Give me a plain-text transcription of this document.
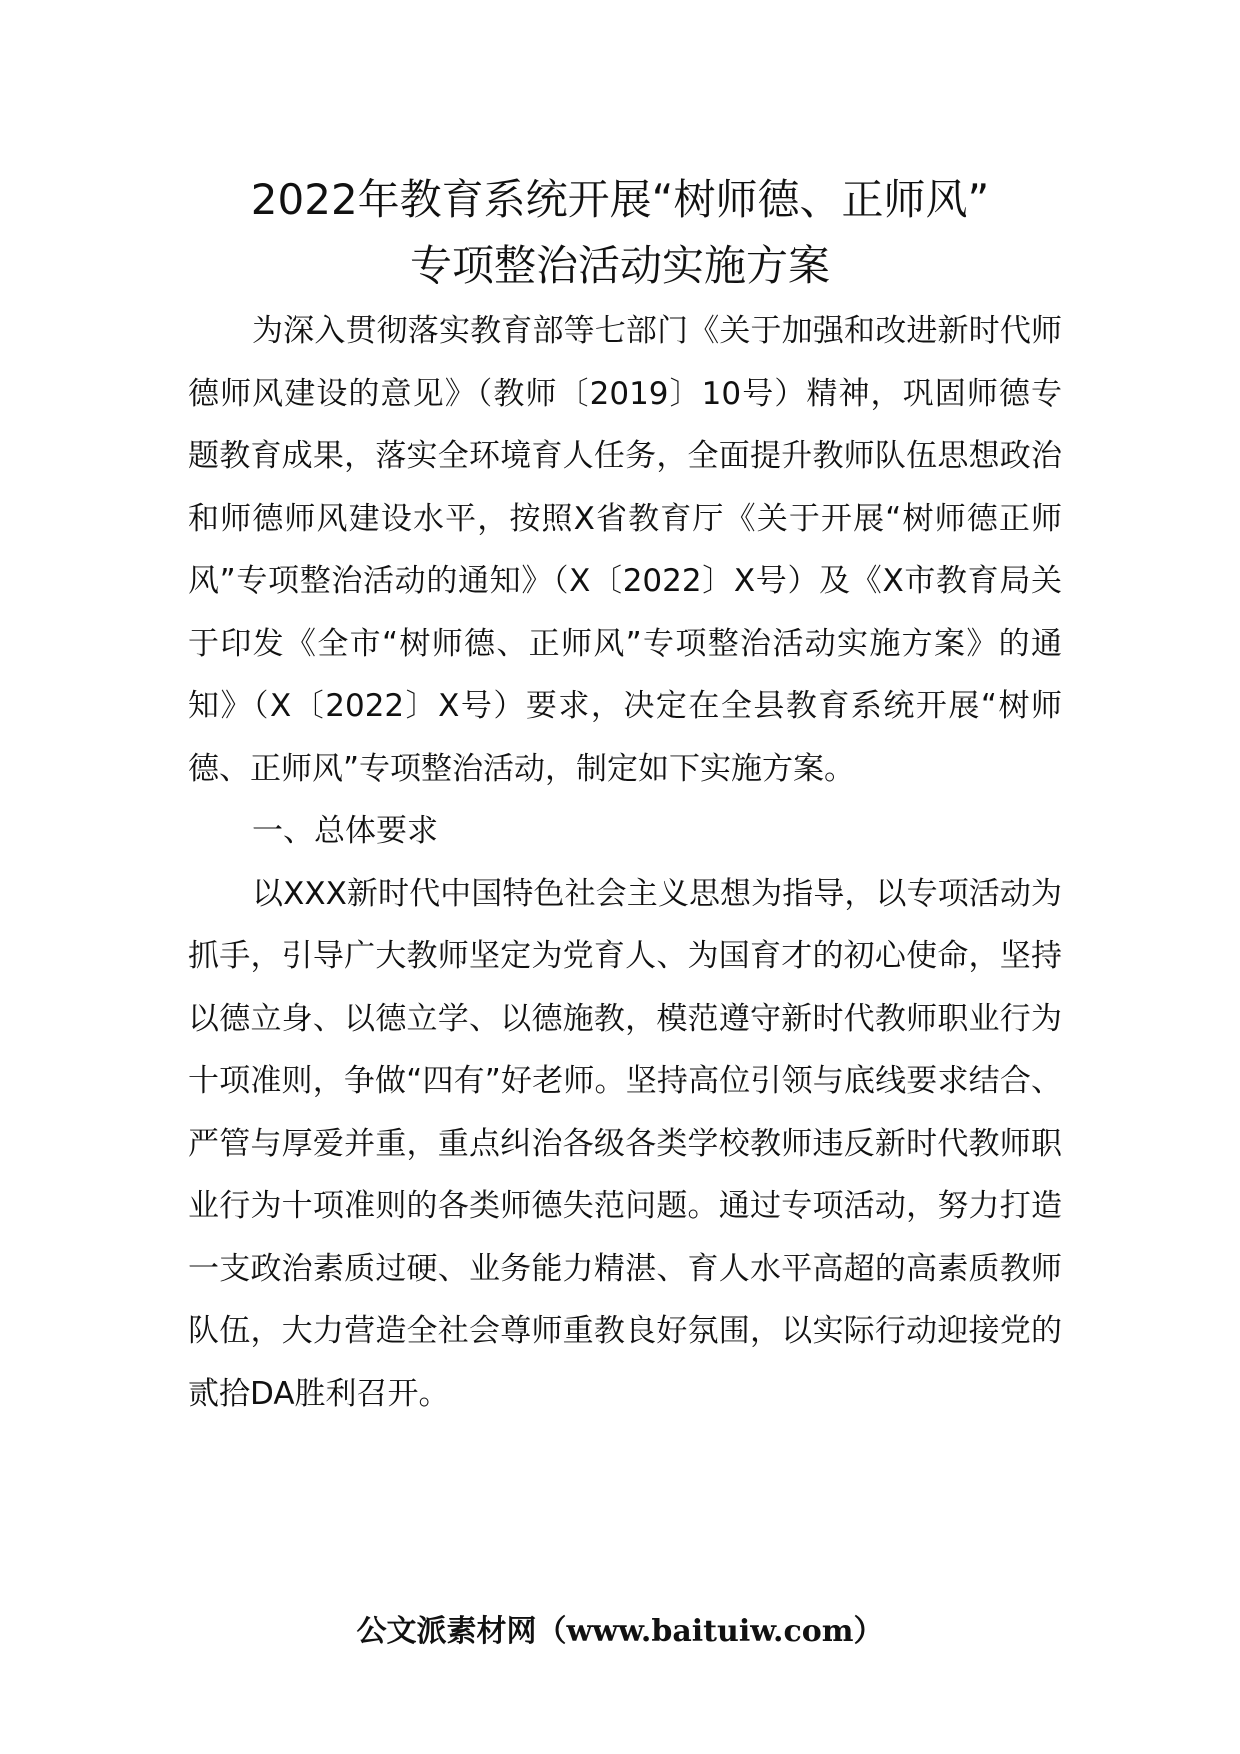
2022年教育系统开展“树师德、正师风”
专项整治活动实施方案

为深入贯彻落实教育部等七部门《关于加强和改进新时代师德师风建设的意见》（教师〔2019〕10号）精神，巩固师德专题教育成果，落实全环境育人任务，全面提升教师队伍思想政治和师德师风建设水平，按照X省教育厅《关于开展“树师德正师风”专项整治活动的通知》（X〔2022〕X号）及《X市教育局关于印发《全市“树师德、正师风”专项整治活动实施方案》的通知》（X〔2022〕X号）要求，决定在全县教育系统开展“树师德、正师风”专项整治活动，制定如下实施方案。

一、总体要求

以XXX新时代中国特色社会主义思想为指导，以专项活动为抓手，引导广大教师坚定为党育人、为国育才的初心使命，坚持以德立身、以德立学、以德施教，模范遵守新时代教师职业行为十项准则，争做“四有”好老师。坚持高位引领与底线要求结合、严管与厚爱并重，重点纠治各级各类学校教师违反新时代教师职业行为十项准则的各类师德失范问题。通过专项活动，努力打造一支政治素质过硬、业务能力精湛、育人水平高超的高素质教师队伍，大力营造全社会尊师重教良好氛围，以实际行动迎接党的贰拾DA胜利召开。

公文派素材网（www.baituiw.com）
